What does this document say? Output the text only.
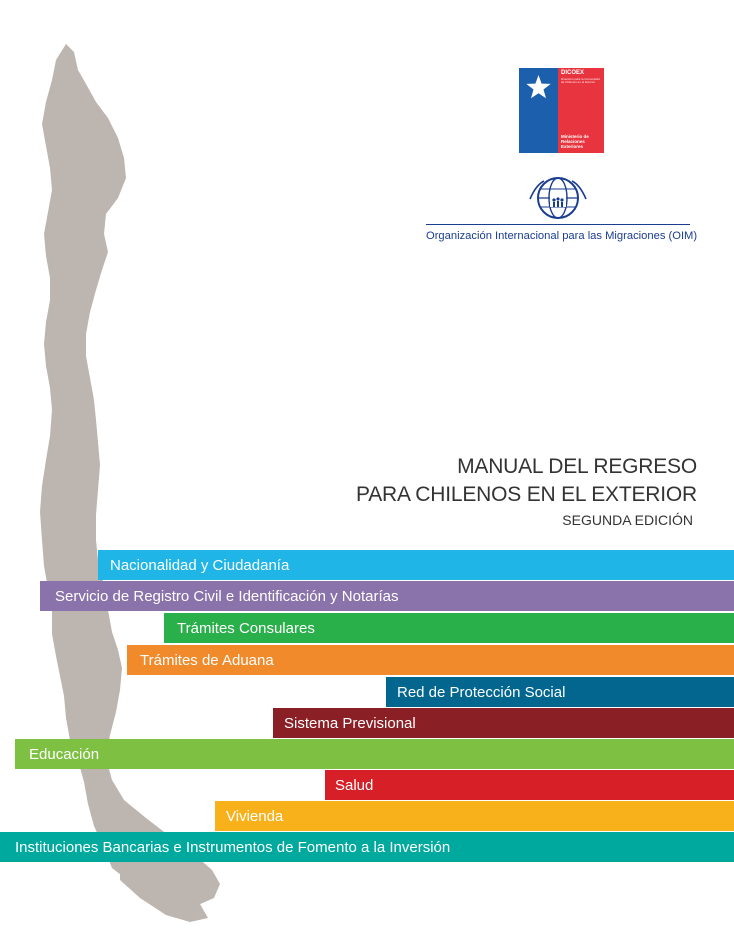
DICOEX
Dirección para la Comunidad de Chilenos en el Exterior
Ministerio de Relaciones Exteriores
Organización Internacional para las Migraciones (OIM)
MANUAL DEL REGRESO
PARA CHILENOS EN EL EXTERIOR
SEGUNDA EDICIÓN
Nacionalidad y Ciudadanía
Servicio de Registro Civil e Identificación y Notarías
Trámites Consulares
Trámites de Aduana
Red de Protección Social
Sistema Previsional
Educación
Salud
Vivienda
Instituciones Bancarias e Instrumentos de Fomento a la Inversión
